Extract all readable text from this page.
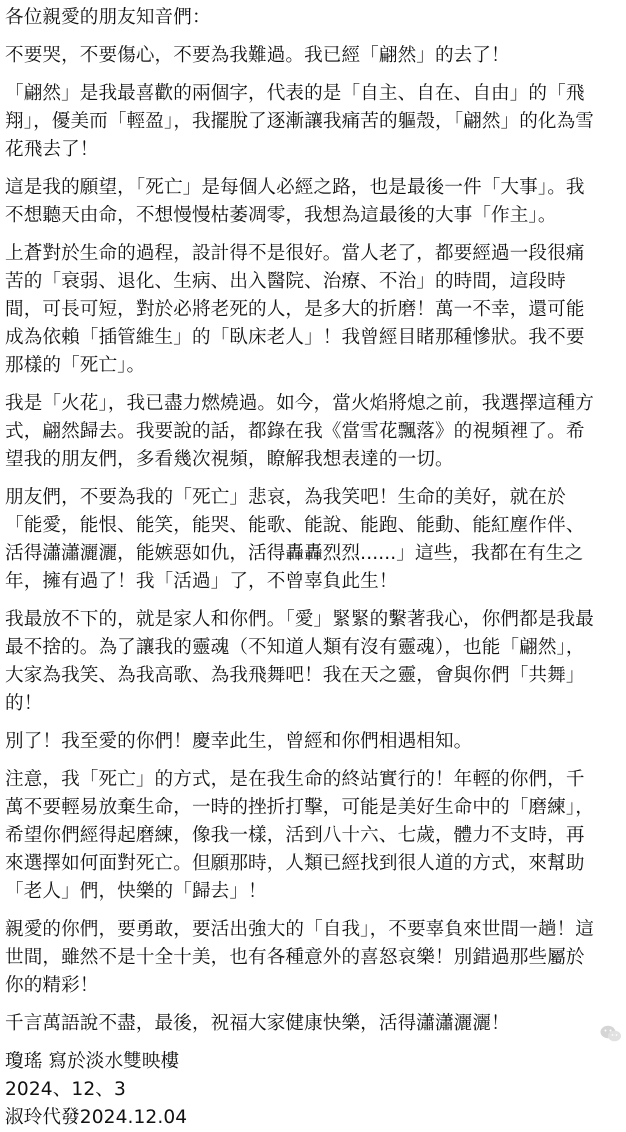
各位親愛的朋友知音們：
不要哭，不要傷心，不要為我難過。我已經「翩然」的去了！
「翩然」是我最喜歡的兩個字，代表的是「自主、自在、自由」的「飛
翔」，優美而「輕盈」，我擺脫了逐漸讓我痛苦的軀殼，「翩然」的化為雪
花飛去了！
這是我的願望，「死亡」是每個人必經之路，也是最後一件「大事」。我
不想聽天由命，不想慢慢枯萎凋零，我想為這最後的大事「作主」。
上蒼對於生命的過程，設計得不是很好。當人老了，都要經過一段很痛
苦的「衰弱、退化、生病、出入醫院、治療、不治」的時間，這段時
間，可長可短，對於必將老死的人，是多大的折磨！萬一不幸，還可能
成為依賴「插管維生」的「臥床老人」！我曾經目睹那種慘狀。我不要
那樣的「死亡」。
我是「火花」，我已盡力燃燒過。如今，當火焰將熄之前，我選擇這種方
式，翩然歸去。我要說的話，都錄在我《當雪花飄落》的視頻裡了。希
望我的朋友們，多看幾次視頻，瞭解我想表達的一切。
朋友們，不要為我的「死亡」悲哀，為我笑吧！生命的美好，就在於
「能愛，能恨、能笑，能哭、能歌、能說、能跑、能動、能紅塵作伴、
活得瀟瀟灑灑，能嫉惡如仇，活得轟轟烈烈......」這些，我都在有生之
年，擁有過了！我「活過」了，不曾辜負此生！
我最放不下的，就是家人和你們。「愛」緊緊的繫著我心，你們都是我最
最不捨的。為了讓我的靈魂（不知道人類有沒有靈魂），也能「翩然」，
大家為我笑、為我高歌、為我飛舞吧！我在天之靈，會與你們「共舞」
的！
別了！我至愛的你們！慶幸此生，曾經和你們相遇相知。
注意，我「死亡」的方式，是在我生命的終站實行的！年輕的你們，千
萬不要輕易放棄生命，一時的挫折打擊，可能是美好生命中的「磨練」，
希望你們經得起磨練，像我一樣，活到八十六、七歲，體力不支時，再
來選擇如何面對死亡。但願那時，人類已經找到很人道的方式，來幫助
「老人」們，快樂的「歸去」！
親愛的你們，要勇敢，要活出強大的「自我」，不要辜負來世間一趟！這
世間，雖然不是十全十美，也有各種意外的喜怒哀樂！別錯過那些屬於
你的精彩！
千言萬語說不盡，最後，祝福大家健康快樂，活得瀟瀟灑灑！
瓊瑤 寫於淡水雙映樓
2024、12、3
淑玲代發2024.12.04
